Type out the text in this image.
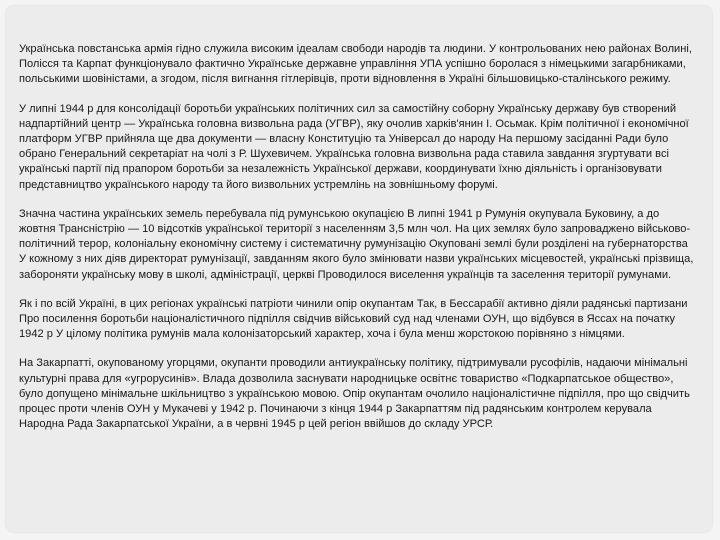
Українська повстанська армія гідно служила високим ідеалам свободи народів та людини. У контрольованих нею районах Волині, Полісся та Карпат функціонувало фактично Українське державне управління УПА успішно боролася з німецькими загарбниками, польськими шовіністами, а згодом, після вигнання гітлерівців, проти відновлення в Україні більшовицько-сталінського режиму.

У липні 1944 р для консолідації боротьби українських політичних сил за самостійну соборну Українську державу був створений надпартійний центр — Українська головна визвольна рада (УГВР), яку очолив харків'янин І. Осьмак. Крім політичної і економічної платформ УГВР прийняла ще два документи — власну Конституцію та Універсал до народу На першому засіданні Ради було обрано Генеральний секретаріат на чолі з Р. Шухевичем. Українська головна визвольна рада ставила завдання згуртувати всі українські партії під прапором боротьби за незалежність Української держави, координувати їхню діяльність і організовувати представництво українського народу та його визвольних устремлінь на зовнішньому форумі.

Значна частина українських земель перебувала під румунською окупацією В липні 1941 р Румунія окупувала Буковину, а до жовтня Трансністрію — 10 відсотків української території з населенням 3,5 млн чол. На цих землях було запроваджено військово-політичний терор, колоніальну економічну систему і систематичну румунізацію Окуповані землі були розділені на губернаторства У кожному з них діяв директорат румунізації, завданням якого було змінювати назви українських місцевостей, українські прізвища, забороняти українську мову в школі, адміністрації, церкві Проводилося виселення українців та заселення території румунами.

Як і по всій Україні, в цих регіонах українські патріоти чинили опір окупантам Так, в Бессарабії активно діяли радянські партизани Про посилення боротьби націоналістичного підпілля свідчив військовий суд над членами ОУН, що відбувся в Яссах на початку 1942 р У цілому політика румунів мала колонізаторський характер, хоча і була менш жорстокою порівняно з німцями.

На Закарпатті, окупованому угорцями, окупанти проводили антиукраїнську політику, підтримували русофілів, надаючи мінімальні культурні права для «угрорусинів». Влада дозволила заснувати народницьке освітнє товариство «Подкарпатськое общество», було допущено мінімальне шкільництво з українською мовою. Опір окупантам очолило націоналістичне підпілля, про що свідчить процес проти членів ОУН у Мукачеві у 1942 р. Починаючи з кінця 1944 р Закарпаттям під радянським контролем керувала Народна Рада Закарпатської України, а в червні 1945 р цей регіон ввійшов до складу УРСР.
